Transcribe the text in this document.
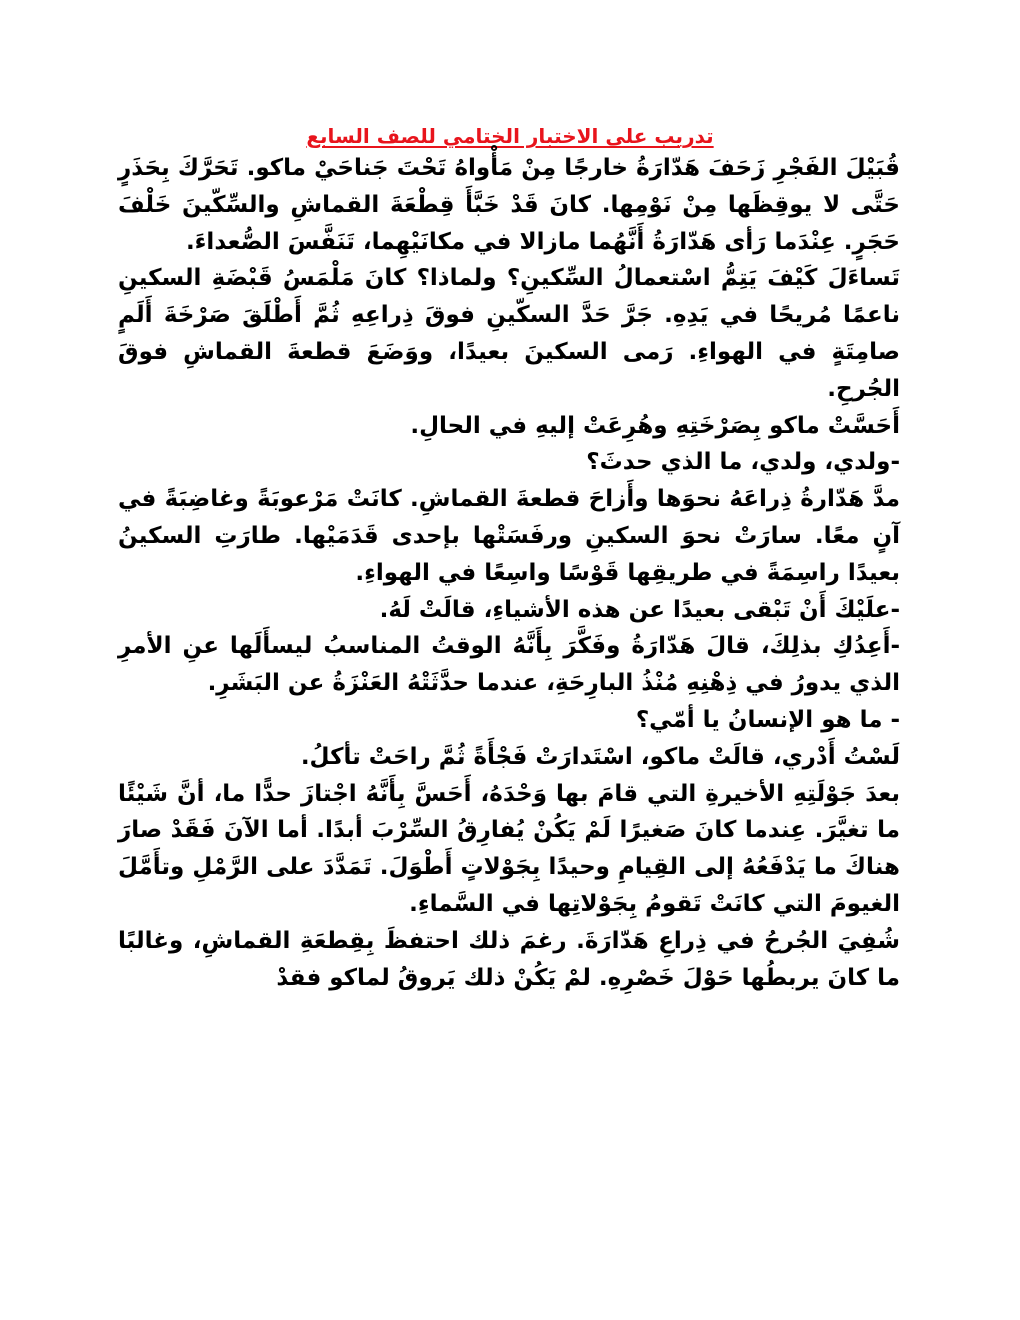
تدريب على الاختبار الختامي للصف السابع

قُبَيْلَ الفَجْرِ زَحَفَ هَدّارَةُ خارجًا مِنْ مَأْواهُ تَحْتَ جَناحَيْ ماكو. تَحَرَّكَ بِحَذَرٍ حَتَّى لا يوقِظَها مِنْ نَوْمِها. كانَ قَدْ خَبَّأَ قِطْعَةَ القماشِ والسِّكّينَ خَلْفَ حَجَرٍ. عِنْدَما رَأى هَدّارَةُ أَنَّهُما مازالا في مكانَيْهِما، تَنَفَّسَ الصُّعداءَ.

تَساءَلَ كَيْفَ يَتِمُّ اسْتعمالُ السِّكينِ؟ ولماذا؟ كانَ مَلْمَسُ قَبْضَةِ السكينِ ناعمًا مُريحًا في يَدِهِ. جَرَّ حَدَّ السكّينِ فوقَ ذِراعِهِ ثُمَّ أَطْلَقَ صَرْخَةَ أَلَمٍ صامِتَةٍ في الهواءِ. رَمى السكينَ بعيدًا، ووَضَعَ قطعةَ القماشِ فوقَ الجُرحِ.

أَحَسَّتْ ماكو بِصَرْخَتِهِ وهُرِعَتْ إليهِ في الحالِ.

-ولدي، ولدي، ما الذي حدثَ؟

مدَّ هَدّارةُ ذِراعَهُ نحوَها وأَزاحَ قطعةَ القماشِ. كانَتْ مَرْعوبَةً وغاضِبَةً في آنٍ معًا. سارَتْ نحوَ السكينِ ورفَسَتْها بإحدى قَدَمَيْها. طارَتِ السكينُ بعيدًا راسِمَةً في طريقِها قَوْسًا واسِعًا في الهواءِ.

-علَيْكَ أَنْ تَبْقى بعيدًا عن هذه الأشياءِ، قالَتْ لَهُ.

-أَعِدُكِ بذلِكَ، قالَ هَدّارَةُ وفَكَّرَ بِأَنَّهُ الوقتُ المناسبُ ليسأَلَها عنِ الأمرِ الذي يدورُ في ذِهْنِهِ مُنْذُ البارِحَةِ، عندما حدَّثَتْهُ العَنْزَةُ عن البَشَرِ.

- ما هو الإنسانُ يا أمّي؟

لَسْتُ أَدْري، قالَتْ ماكو، اسْتَدارَتْ فَجْأَةً ثُمَّ راحَتْ تأكلُ.

بعدَ جَوْلَتِهِ الأخيرةِ التي قامَ بها وَحْدَهُ، أَحَسَّ بِأَنَّهُ اجْتازَ حدًّا ما، أنَّ شَيْئًا ما تغيَّرَ. عِندما كانَ صَغيرًا لَمْ يَكُنْ يُفارِقُ السِّرْبَ أبدًا. أما الآنَ فَقَدْ صارَ هناكَ ما يَدْفَعُهُ إلى القِيامِ وحيدًا بِجَوْلاتٍ أَطْوَلَ. تَمَدَّدَ على الرَّمْلِ وتأَمَّلَ الغيومَ التي كانَتْ تَقومُ بِجَوْلاتِها في السَّماءِ.

شُفِيَ الجُرحُ في ذِراعِ هَدّارَةَ. رغمَ ذلك احتفظَ بِقِطعَةِ القماشِ، وغالبًا ما كانَ يربطُها حَوْلَ خَصْرِهِ. لمْ يَكُنْ ذلك يَروقُ لماكو فقدْ
